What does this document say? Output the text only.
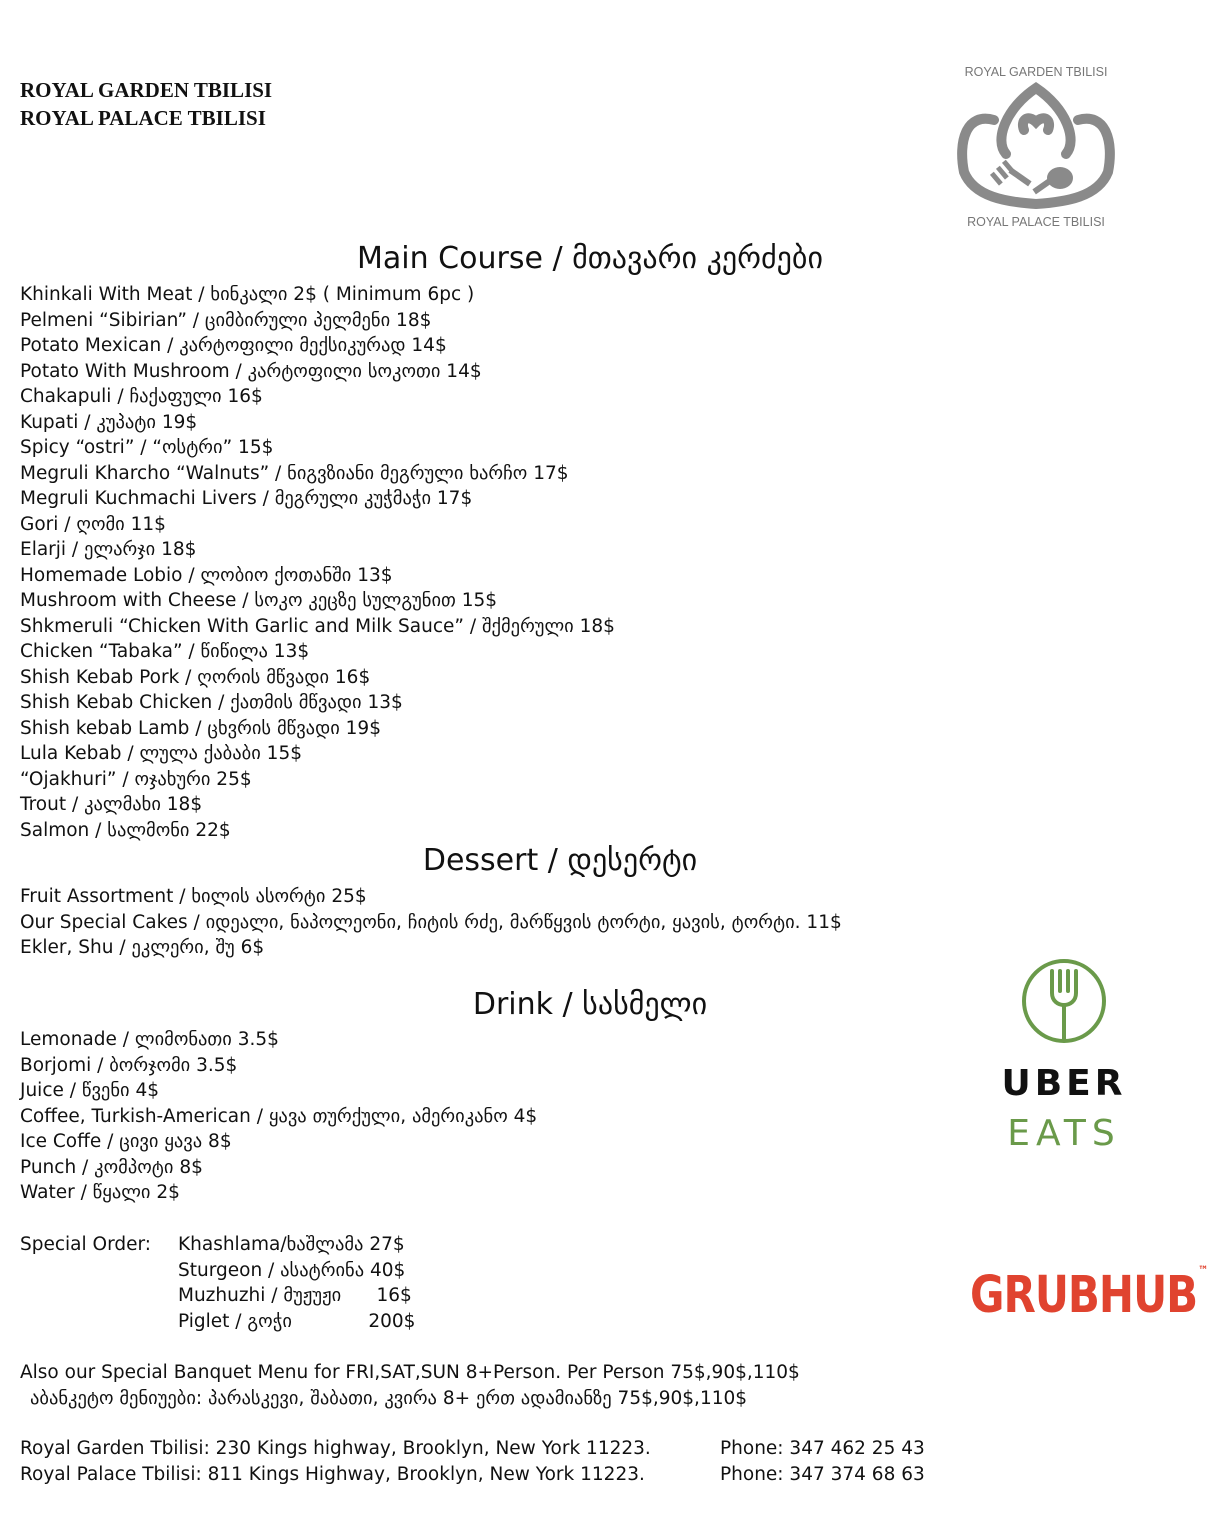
ROYAL GARDEN TBILISI
ROYAL PALACE TBILISI
ROYAL GARDEN TBILISI
ROYAL PALACE TBILISI
Main Course / მთავარი კერძები
Khinkali With Meat / ხინკალი 2$ ( Minimum 6pc )
Pelmeni “Sibirian” / ციმბირული პელმენი 18$
Potato Mexican / კარტოფილი მექსიკურად 14$
Potato With Mushroom / კარტოფილი სოკოთი 14$
Chakapuli / ჩაქაფული 16$
Kupati / კუპატი 19$
Spicy “ostri” / “ოსტრი” 15$
Megruli Kharcho “Walnuts” / ნიგვზიანი მეგრული ხარჩო 17$
Megruli Kuchmachi Livers / მეგრული კუჭმაჭი 17$
Gori / ღომი 11$
Elarji / ელარჯი 18$
Homemade Lobio / ლობიო ქოთანში 13$
Mushroom with Cheese / სოკო კეცზე სულგუნით 15$
Shkmeruli “Chicken With Garlic and Milk Sauce” / შქმერული 18$
Chicken “Tabaka” / წიწილა 13$
Shish Kebab Pork / ღორის მწვადი 16$
Shish Kebab Chicken / ქათმის მწვადი 13$
Shish kebab Lamb / ცხვრის მწვადი 19$
Lula Kebab / ლულა ქაბაბი 15$
“Ojakhuri” / ოჯახური 25$
Trout / კალმახი 18$
Salmon / სალმონი 22$
Dessert / დესერტი
Fruit Assortment / ხილის ასორტი 25$
Our Special Cakes / იდეალი, ნაპოლეონი, ჩიტის რძე, მარწყვის ტორტი, ყავის, ტორტი. 11$
Ekler, Shu / ეკლერი, შუ 6$
Drink / სასმელი
Lemonade / ლიმონათი 3.5$
Borjomi / ბორჯომი 3.5$
Juice / წვენი 4$
Coffee, Turkish-American / ყავა თურქული, ამერიკანო 4$
Ice Coffe / ცივი ყავა 8$
Punch / კომპოტი 8$
Water / წყალი 2$
Special Order:	Khashlama/ხაშლამა 27$
Sturgeon / ასატრინა 40$
Muzhuzhi / მუჟუჟი 16$
Piglet / გოჭი	200$
Also our Special Banquet Menu for FRI,SAT,SUN 8+Person. Per Person 75$,90$,110$
აბანკეტო მენიუები: პარასკევი, შაბათი, კვირა 8+ ერთ ადამიანზე 75$,90$,110$
Royal Garden Tbilisi: 230 Kings highway, Brooklyn, New York 11223.	Phone: 347 462 25 43
Royal Palace Tbilisi: 811 Kings Highway, Brooklyn, New York 11223.	Phone: 347 374 68 63
UBER
EATS
GRUBHUB™
